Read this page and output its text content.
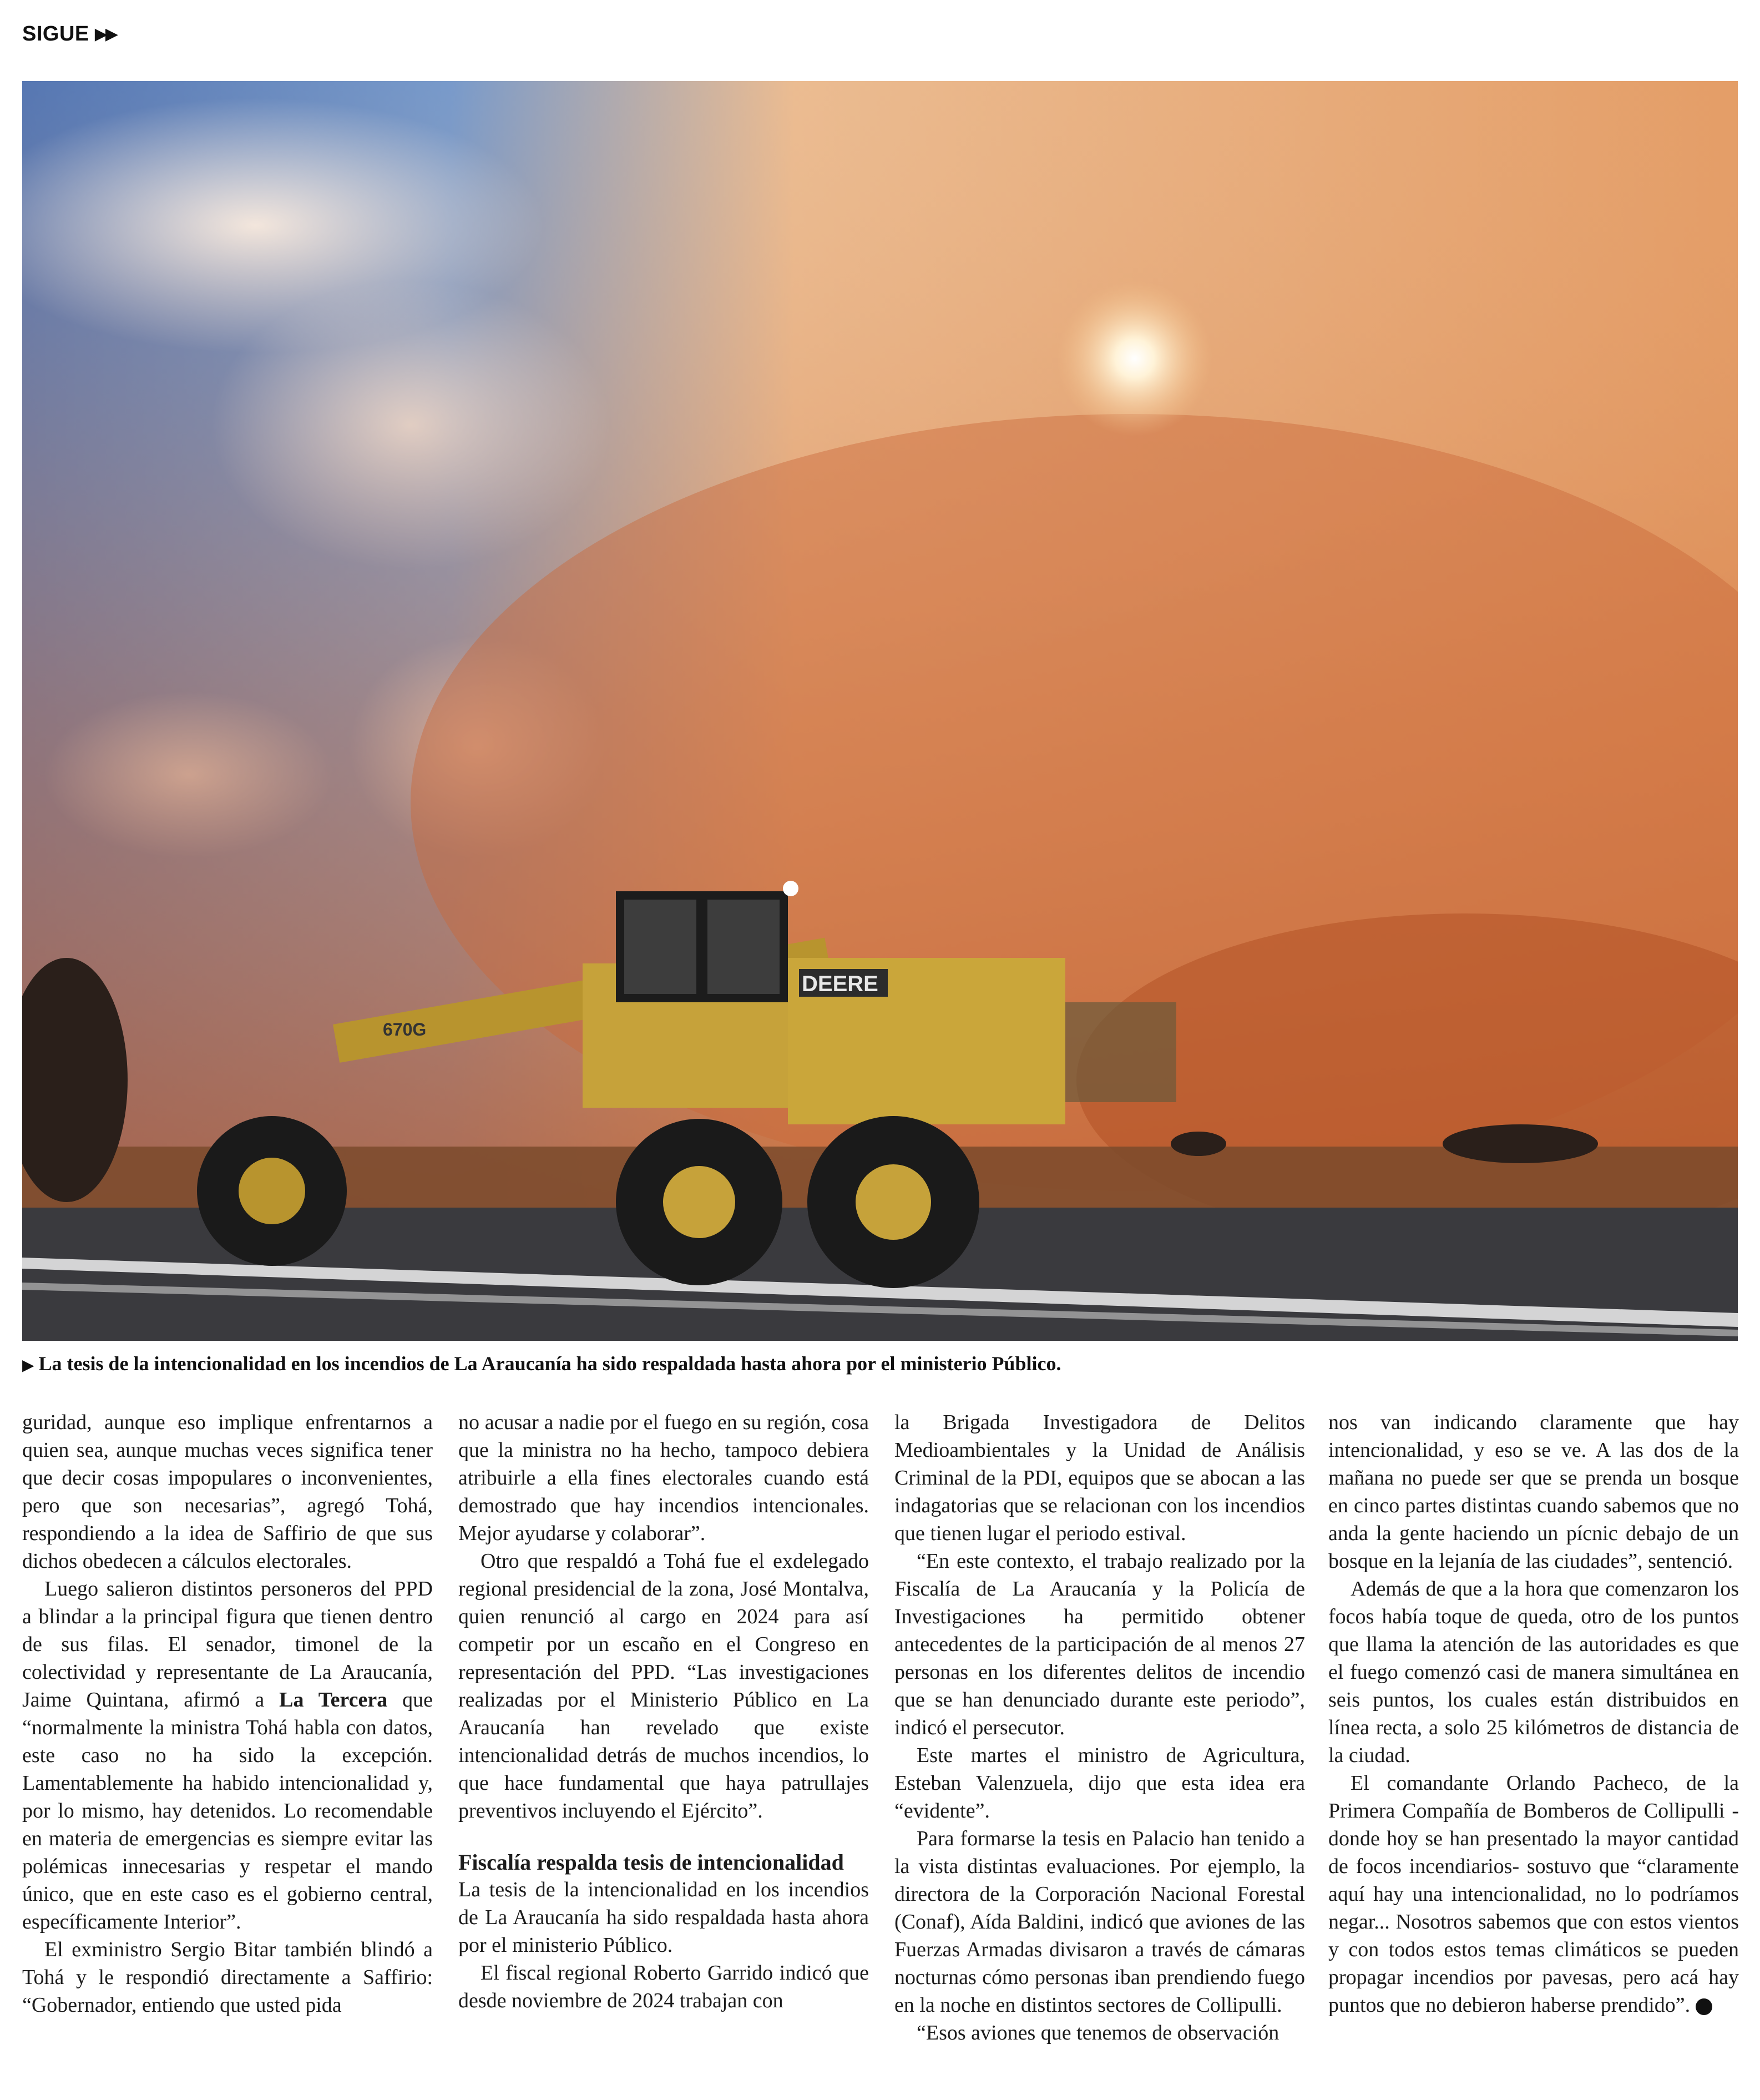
SIGUE ▶▶
DEERE
670G
▶ La tesis de la intencionalidad en los incendios de La Araucanía ha sido respaldada hasta ahora por el ministerio Público.

guridad, aunque eso implique enfrentarnos a quien sea, aunque muchas veces significa tener que decir cosas impopulares o inconvenientes, pero que son necesarias”, agregó Tohá, respondiendo a la idea de Saffirio de que sus dichos obedecen a cálculos electorales.

Luego salieron distintos personeros del PPD a blindar a la principal figura que tienen dentro de sus filas. El senador, timonel de la colectividad y representante de La Araucanía, Jaime Quintana, afirmó a La Tercera que “normalmente la ministra Tohá habla con datos, este caso no ha sido la excepción. Lamentablemente ha habido intencionalidad y, por lo mismo, hay detenidos. Lo recomendable en materia de emergencias es siempre evitar las polémicas innecesarias y respetar el mando único, que en este caso es el gobierno central, específicamente Interior”.

El exministro Sergio Bitar también blindó a Tohá y le respondió directamente a Saffirio: “Gobernador, entiendo que usted pida

no acusar a nadie por el fuego en su región, cosa que la ministra no ha hecho, tampoco debiera atribuirle a ella fines electorales cuando está demostrado que hay incendios intencionales. Mejor ayudarse y colaborar”.

Otro que respaldó a Tohá fue el exdelegado regional presidencial de la zona, José Montalva, quien renunció al cargo en 2024 para así competir por un escaño en el Congreso en representación del PPD. “Las investigaciones realizadas por el Ministerio Público en La Araucanía han revelado que existe intencionalidad detrás de muchos incendios, lo que hace fundamental que haya patrullajes preventivos incluyendo el Ejército”.

Fiscalía respalda tesis de intencionalidad

La tesis de la intencionalidad en los incendios de La Araucanía ha sido respaldada hasta ahora por el ministerio Público.

El fiscal regional Roberto Garrido indicó que desde noviembre de 2024 trabajan con

la Brigada Investigadora de Delitos Medioambientales y la Unidad de Análisis Criminal de la PDI, equipos que se abocan a las indagatorias que se relacionan con los incendios que tienen lugar el periodo estival.

“En este contexto, el trabajo realizado por la Fiscalía de La Araucanía y la Policía de Investigaciones ha permitido obtener antecedentes de la participación de al menos 27 personas en los diferentes delitos de incendio que se han denunciado durante este periodo”, indicó el persecutor.

Este martes el ministro de Agricultura, Esteban Valenzuela, dijo que esta idea era “evidente”.

Para formarse la tesis en Palacio han tenido a la vista distintas evaluaciones. Por ejemplo, la directora de la Corporación Nacional Forestal (Conaf), Aída Baldini, indicó que aviones de las Fuerzas Armadas divisaron a través de cámaras nocturnas cómo personas iban prendiendo fuego en la noche en distintos sectores de Collipulli.

“Esos aviones que tenemos de observación

nos van indicando claramente que hay intencionalidad, y eso se ve. A las dos de la mañana no puede ser que se prenda un bosque en cinco partes distintas cuando sabemos que no anda la gente haciendo un pícnic debajo de un bosque en la lejanía de las ciudades”, sentenció.

Además de que a la hora que comenzaron los focos había toque de queda, otro de los puntos que llama la atención de las autoridades es que el fuego comenzó casi de manera simultánea en seis puntos, los cuales están distribuidos en línea recta, a solo 25 kilómetros de distancia de la ciudad.

El comandante Orlando Pacheco, de la Primera Compañía de Bomberos de Collipulli -donde hoy se han presentado la mayor cantidad de focos incendiarios- sostuvo que “claramente aquí hay una intencionalidad, no lo podríamos negar... Nosotros sabemos que con estos vientos y con todos estos temas climáticos se pueden propagar incendios por pavesas, pero acá hay puntos que no debieron haberse prendido”.
